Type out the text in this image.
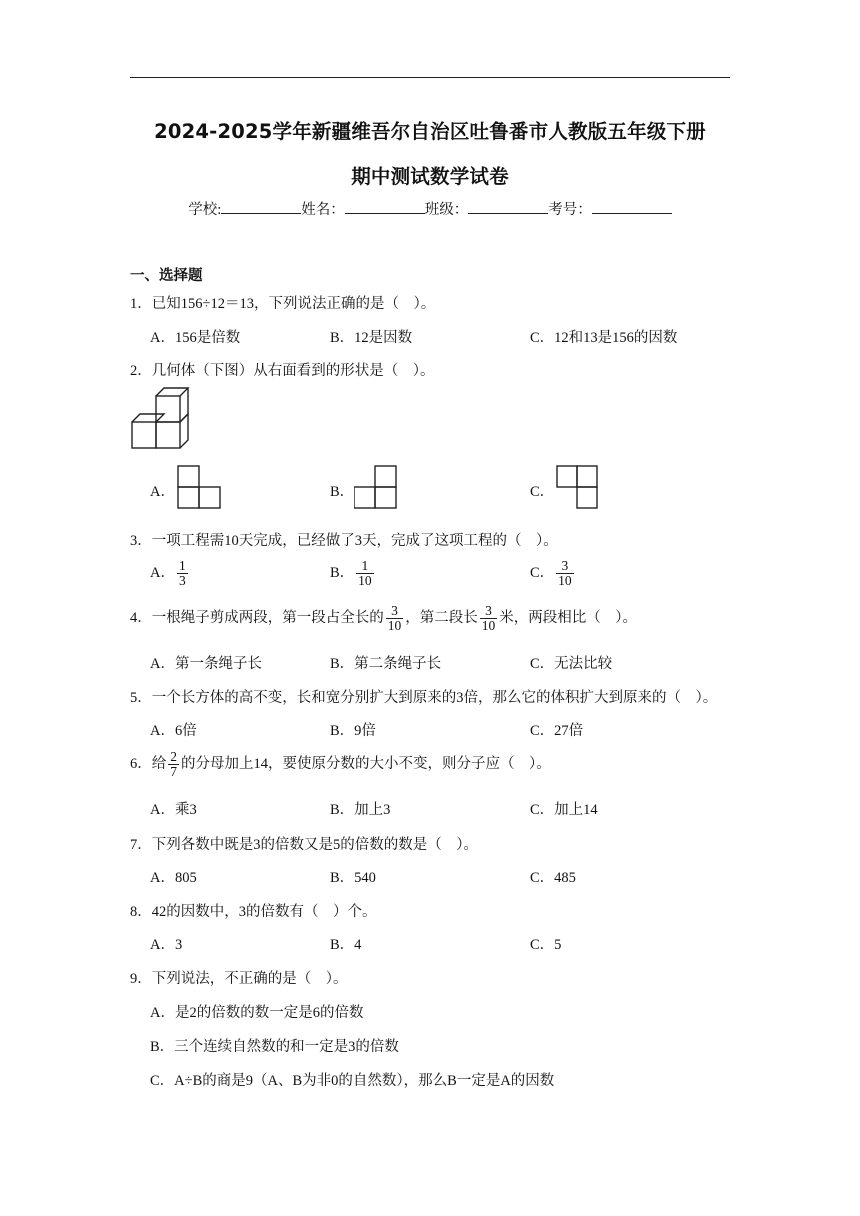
2024-2025学年新疆维吾尔自治区吐鲁番市人教版五年级下册
期中测试数学试卷
学校:	姓名：	班级：	考号：
一、选择题
1．已知156÷12＝13，下列说法正确的是（　）。
A．156是倍数	B．12是因数	C．12和13是156的因数
2．几何体（下图）从右面看到的形状是（　）。
A．	B．	C．
3．一项工程需10天完成，已经做了3天，完成了这项工程的（　）。
A． $\frac{1}{3}$	B． $\frac{1}{10}$	C． $\frac{3}{10}$
4．一根绳子剪成两段，第一段占全长的 $\frac{3}{10}$ ，第二段长 $\frac{3}{10}$ 米，两段相比（　）。
A．第一条绳子长	B．第二条绳子长	C．无法比较
5．一个长方体的高不变，长和宽分别扩大到原来的3倍，那么它的体积扩大到原来的（　）。
A．6倍	B．9倍	C．27倍
6．给 $\frac{2}{7}$ 的分母加上14，要使原分数的大小不变，则分子应（　）。
A．乘3	B．加上3	C．加上14
7．下列各数中既是3的倍数又是5的倍数的数是（　）。
A．805	B．540	C．485
8．42的因数中，3的倍数有（　）个。
A．3	B．4	C．5
9．下列说法，不正确的是（　）。
A．是2的倍数的数一定是6的倍数
B．三个连续自然数的和一定是3的倍数
C．A÷B的商是9（A、B为非0的自然数），那么B一定是A的因数
